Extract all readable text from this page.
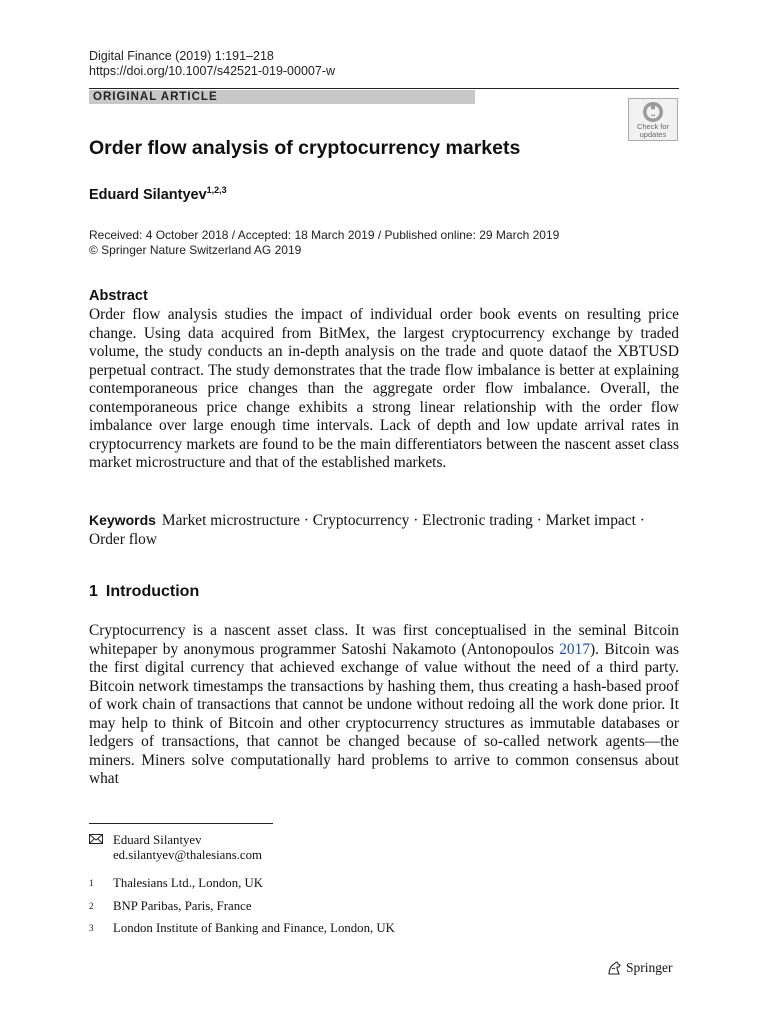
Digital Finance (2019) 1:191–218
https://doi.org/10.1007/s42521-019-00007-w
ORIGINAL ARTICLE
Check for
updates
Order flow analysis of cryptocurrency markets
Eduard Silantyev$^{1,2,3}$
Received: 4 October 2018 / Accepted: 18 March 2019 / Published online: 29 March 2019
© Springer Nature Switzerland AG 2019
Abstract
Order flow analysis studies the impact of individual order book events on resulting price change. Using data acquired from BitMex, the largest cryptocurrency exchange by traded volume, the study conducts an in-depth analysis on the trade and quote dataof the XBTUSD perpetual contract. The study demonstrates that the trade flow imbalance is better at explaining contemporaneous price changes than the aggregate order flow imbalance. Overall, the contemporaneous price change exhibits a strong linear relationship with the order flow imbalance over large enough time intervals. Lack of depth and low update arrival rates in cryptocurrency markets are found to be the main differentiators between the nascent asset class market microstructure and that of the established markets.
Keywords Market microstructure · Cryptocurrency · Electronic trading · Market impact · Order flow
1 Introduction
Cryptocurrency is a nascent asset class. It was first conceptualised in the seminal Bitcoin whitepaper by anonymous programmer Satoshi Nakamoto (Antonopoulos 2017). Bitcoin was the first digital currency that achieved exchange of value without the need of a third party. Bitcoin network timestamps the transactions by hashing them, thus creating a hash-based proof of work chain of transactions that cannot be undone without redoing all the work done prior. It may help to think of Bitcoin and other cryptocurrency structures as immutable databases or ledgers of transactions, that cannot be changed because of so-called network agents—the miners. Miners solve computationally hard problems to arrive to common consensus about what
Eduard Silantyev
ed.silantyev@thalesians.com
1 Thalesians Ltd., London, UK
2 BNP Paribas, Paris, France
3 London Institute of Banking and Finance, London, UK
Springer
